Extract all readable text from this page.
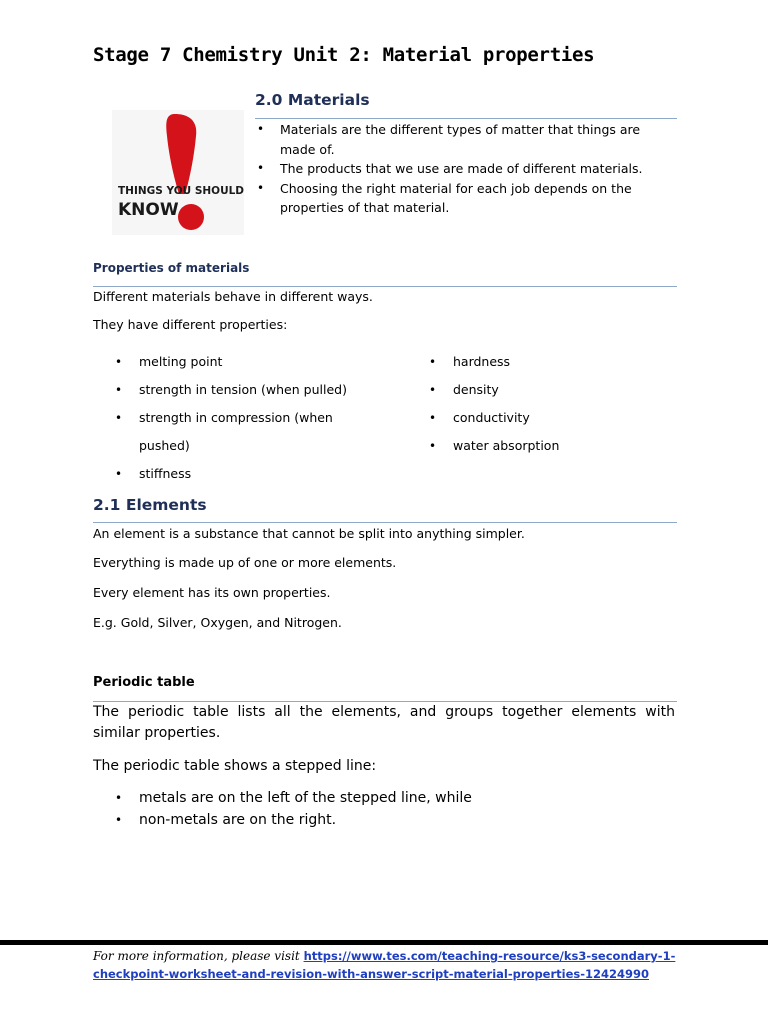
Stage 7 Chemistry Unit 2: Material properties
THINGS YOU SHOULD
KNOW
2.0 Materials
• Materials are the different types of matter that things are made of.
• The products that we use are made of different materials.
• Choosing the right material for each job depends on the properties of that material.
Properties of materials
Different materials behave in different ways.
They have different properties:
• melting point
• strength in tension (when pulled)
• strength in compression (when pushed)
• stiffness
• hardness
• density
• conductivity
• water absorption
2.1 Elements
An element is a substance that cannot be split into anything simpler.
Everything is made up of one or more elements.
Every element has its own properties.
E.g. Gold, Silver, Oxygen, and Nitrogen.
Periodic table
The periodic table lists all the elements, and groups together elements with similar properties.
The periodic table shows a stepped line:
• metals are on the left of the stepped line, while
• non-metals are on the right.
For more information, please visit https://www.tes.com/teaching-resource/ks3-secondary-1-
checkpoint-worksheet-and-revision-with-answer-script-material-properties-12424990
